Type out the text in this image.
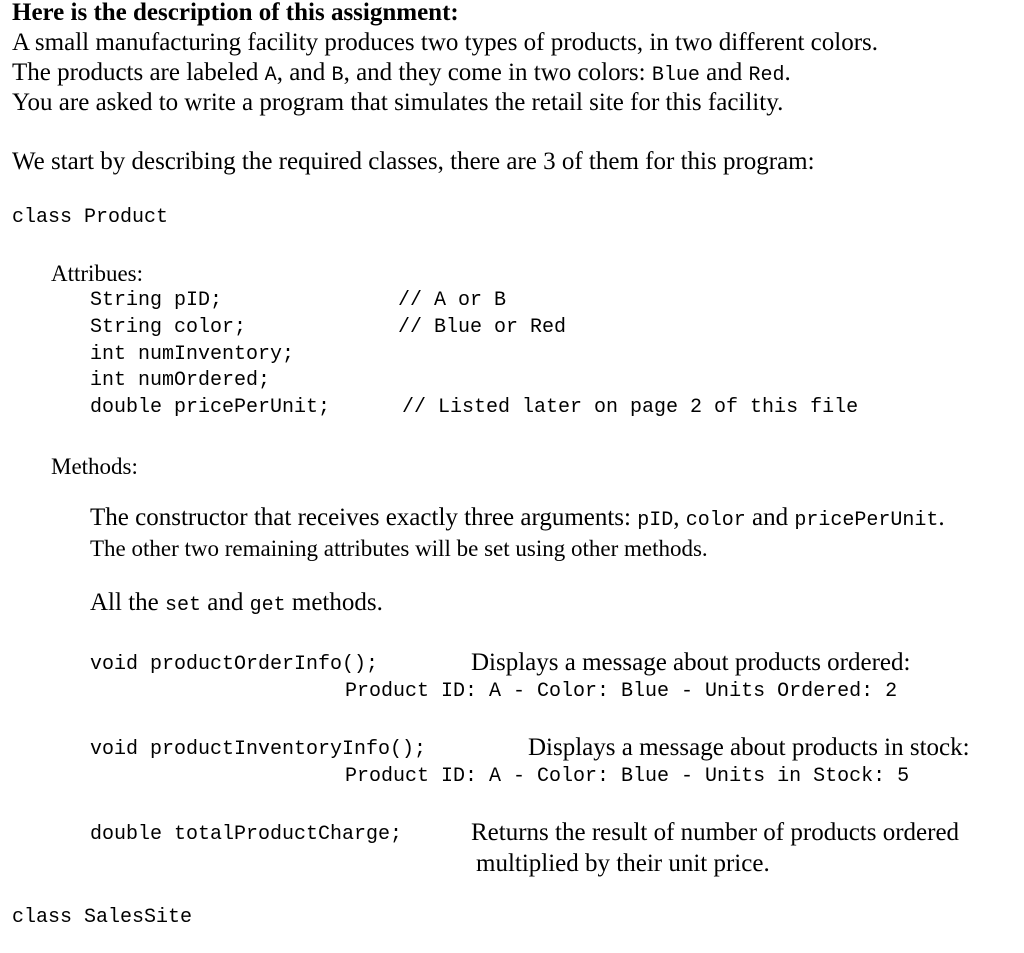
Here is the description of this assignment:
A small manufacturing facility produces two types of products, in two different colors.
The products are labeled A, and B, and they come in two colors: Blue and Red.
You are asked to write a program that simulates the retail site for this facility.
We start by describing the required classes, there are 3 of them for this program:
class Product
Attribues:
String pID;	// A or B
String color;	// Blue or Red
int numInventory;
int numOrdered;
double pricePerUnit;	// Listed later on page 2 of this file
Methods:
The constructor that receives exactly three arguments: pID, color and pricePerUnit.
The other two remaining attributes will be set using other methods.
All the set and get methods.
void productOrderInfo();	Displays a message about products ordered:
Product ID: A - Color: Blue - Units Ordered: 2
void productInventoryInfo();	Displays a message about products in stock:
Product ID: A - Color: Blue - Units in Stock: 5
double totalProductCharge;	Returns the result of number of products ordered
multiplied by their unit price.
class SalesSite
